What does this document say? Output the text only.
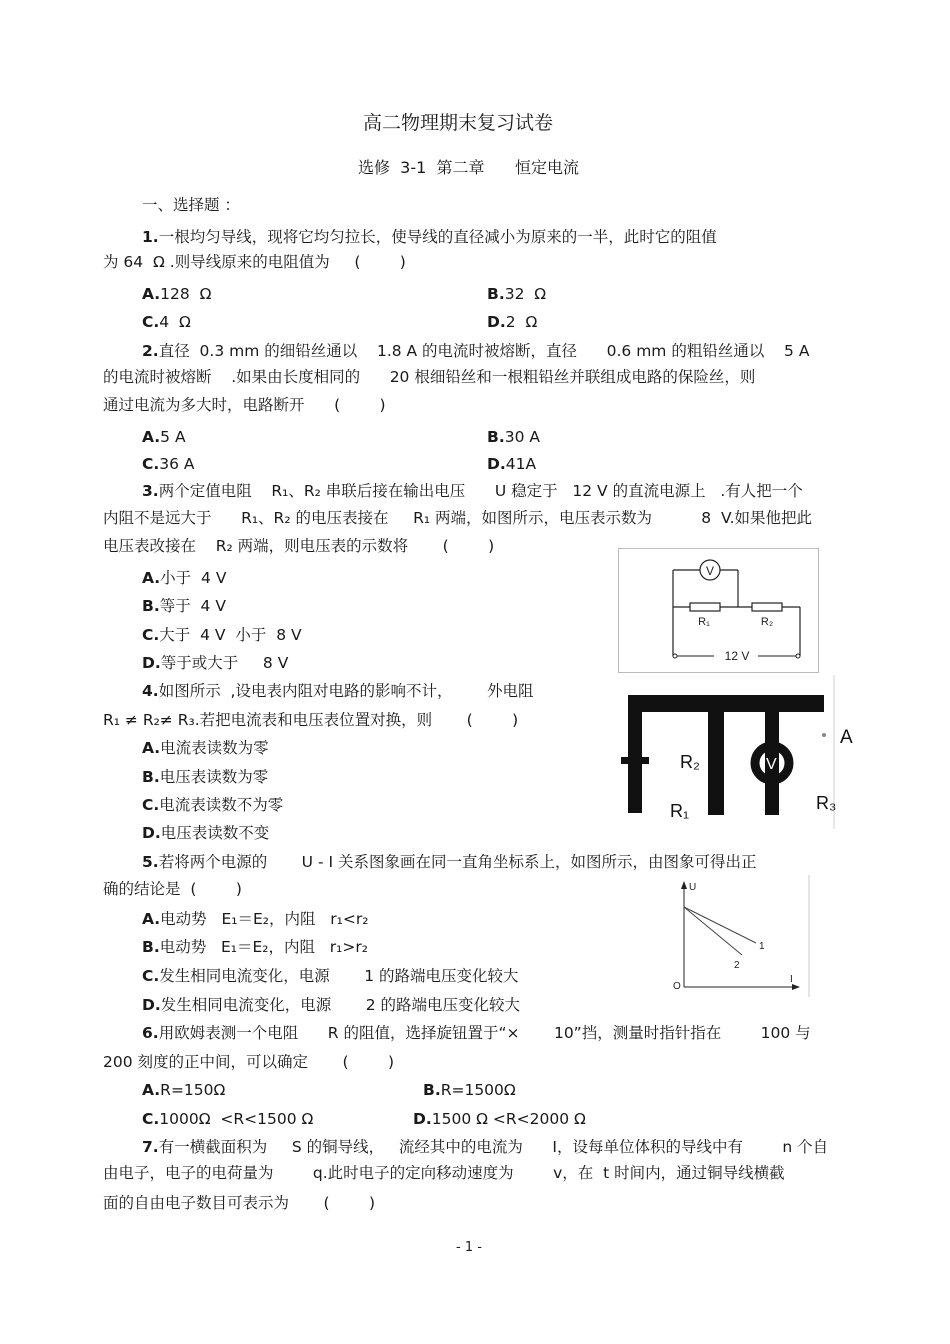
高二物理期末复习试卷
选修  3-1  第二章      恒定电流
一、选择题 ：
1.一根均匀导线，现将它均匀拉长，使导线的直径减小为原来的一半，此时它的阻值
为 64  Ω .则导线原来的电阻值为     (        )
A.128  Ω	B.32  Ω
C.4  Ω	D.2  Ω
2.直径  0.3 mm 的细铅丝通以    1.8 A 的电流时被熔断，直径      0.6 mm 的粗铅丝通以    5 A
的电流时被熔断    .如果由长度相同的      20 根细铅丝和一根粗铅丝并联组成电路的保险丝，则
通过电流为多大时，电路断开      (        )
A.5 A	B.30 A
C.36 A	D.41A
3.两个定值电阻    R₁、R₂ 串联后接在输出电压      U 稳定于   12 V 的直流电源上   .有人把一个
内阻不是远大于      R₁、R₂ 的电压表接在     R₁ 两端，如图所示，电压表示数为          8  V.如果他把此
电压表改接在    R₂ 两端，则电压表的示数将       (        )
A.小于  4 V
B.等于  4 V
C.大于  4 V  小于  8 V
D.等于或大于     8 V
V
R₁	R₂
12 V
4.如图所示  ,设电表内阻对电路的影响不计，       外电阻
R₁ ≠ R₂≠ R₃.若把电流表和电压表位置对换，则       (        )
A.电流表读数为零
B.电压表读数为零
C.电流表读数不为零
D.电压表读数不变
R₂	V
R₁	R₃
A
5.若将两个电源的       U - I 关系图象画在同一直角坐标系上，如图所示，由图象可得出正
确的结论是  (        )
A.电动势   E₁＝E₂，内阻   r₁<r₂
B.电动势   E₁＝E₂，内阻   r₁>r₂
C.发生相同电流变化，电源       1 的路端电压变化较大
D.发生相同电流变化，电源       2 的路端电压变化较大
U
I
O
1
2
6.用欧姆表测一个电阻      R 的阻值，选择旋钮置于“×       10”挡，测量时指针指在        100 与
200 刻度的正中间，可以确定       (        )
A.R=150Ω	B.R=1500Ω
C.1000Ω  <R<1500 Ω	D.1500 Ω <R<2000 Ω
7.有一横截面积为     S 的铜导线，   流经其中的电流为      I，设每单位体积的导线中有        n 个自
由电子，电子的电荷量为        q.此时电子的定向移动速度为        v，在  t 时间内，通过铜导线横截
面的自由电子数目可表示为       (        )
- 1 -
